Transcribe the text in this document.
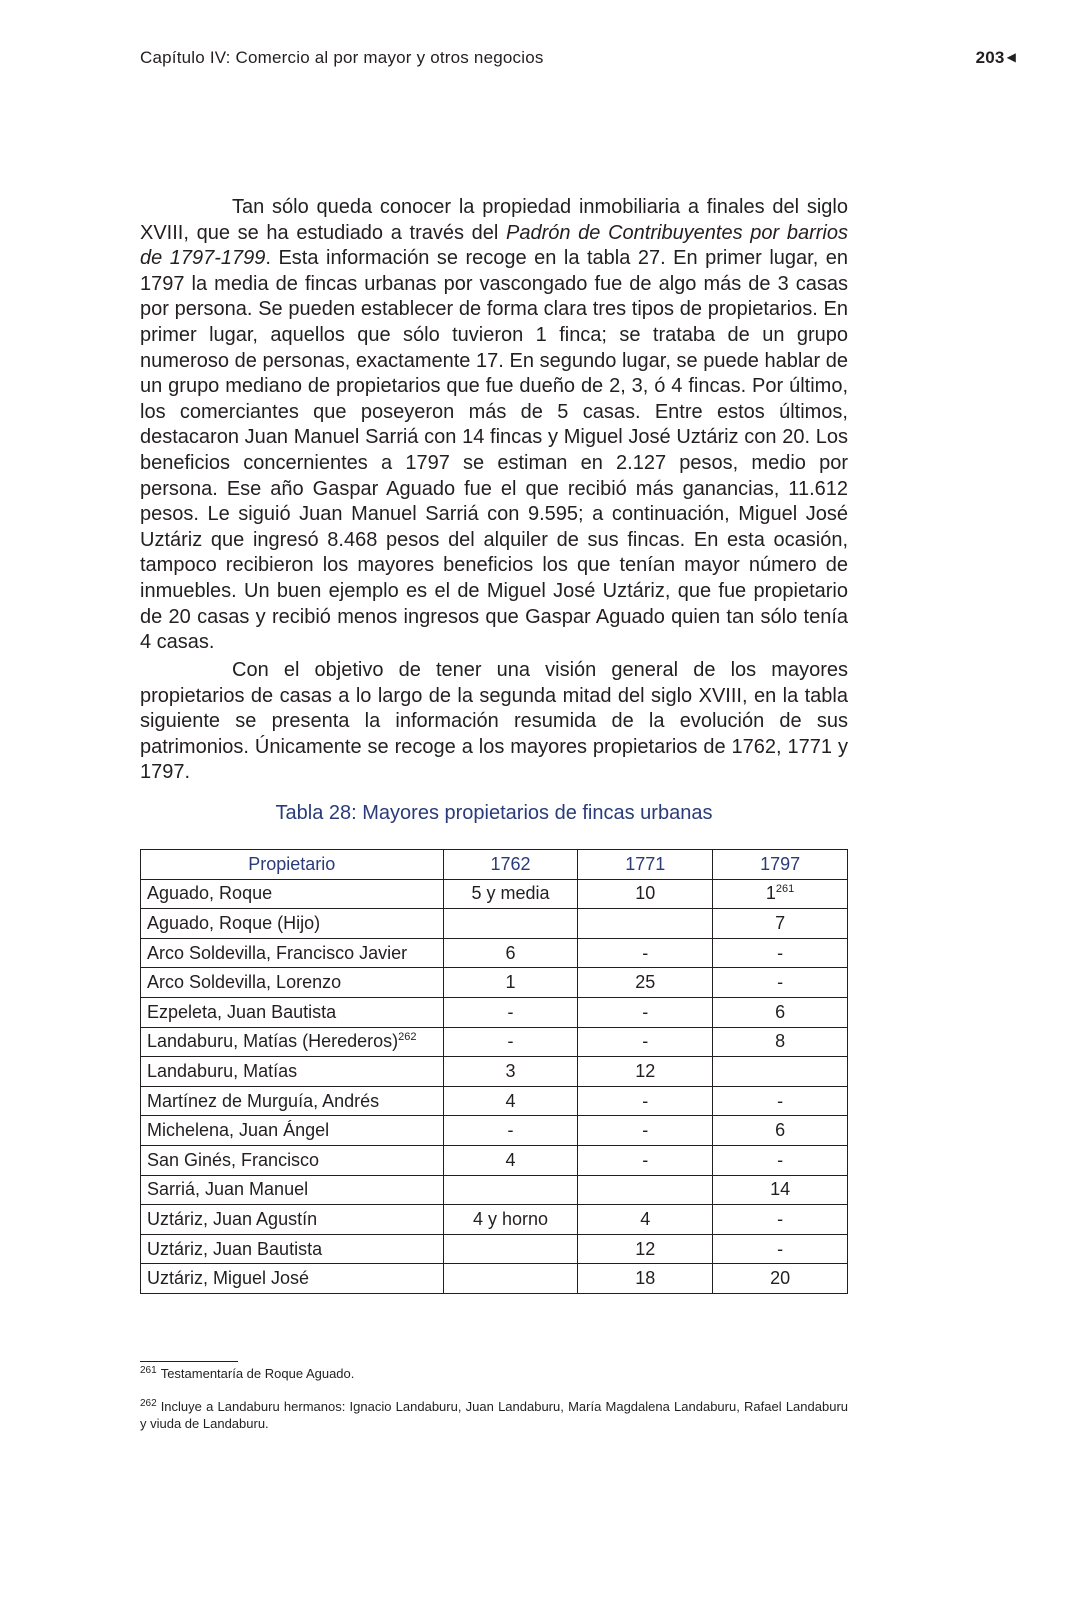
Capítulo IV: Comercio al por mayor y otros negocios	203 ◀

Tan sólo queda conocer la propiedad inmobiliaria a finales del siglo XVIII, que se ha estudiado a través del Padrón de Contribuyentes por barrios de 1797-1799. Esta información se recoge en la tabla 27. En primer lugar, en 1797 la media de fincas urbanas por vascongado fue de algo más de 3 casas por persona. Se pueden establecer de forma clara tres tipos de propietarios. En primer lugar, aquellos que sólo tuvieron 1 finca; se trataba de un grupo numeroso de personas, exactamente 17. En segundo lugar, se puede hablar de un grupo mediano de propietarios que fue dueño de 2, 3, ó 4 fincas. Por último, los comerciantes que poseyeron más de 5 casas. Entre estos últimos, destacaron Juan Manuel Sarriá con 14 fincas y Miguel José Uztáriz con 20. Los beneficios concernientes a 1797 se estiman en 2.127 pesos, medio por persona. Ese año Gaspar Aguado fue el que recibió más ganancias, 11.612 pesos. Le siguió Juan Manuel Sarriá con 9.595; a continuación, Miguel José Uztáriz que ingresó 8.468 pesos del alquiler de sus fincas. En esta ocasión, tampoco recibieron los mayores beneficios los que tenían mayor número de inmuebles. Un buen ejemplo es el de Miguel José Uztáriz, que fue propietario de 20 casas y recibió menos ingresos que Gaspar Aguado quien tan sólo tenía 4 casas.

Con el objetivo de tener una visión general de los mayores propietarios de casas a lo largo de la segunda mitad del siglo XVIII, en la tabla siguiente se presenta la información resumida de la evolución de sus patrimonios. Únicamente se recoge a los mayores propietarios de 1762, 1771 y 1797.

Tabla 28: Mayores propietarios de fincas urbanas
Propietario	1762	1771	1797
Aguado, Roque	5 y media	10	$1^{261}$
Aguado, Roque (Hijo)			7
Arco Soldevilla, Francisco Javier	6	-	-
Arco Soldevilla, Lorenzo	1	25	-
Ezpeleta, Juan Bautista	-	-	6
Landaburu, Matías (Herederos)$^{262}$	-	-	8
Landaburu, Matías	3	12	
Martínez de Murguía, Andrés	4	-	-
Michelena, Juan Ángel	-	-	6
San Ginés, Francisco	4	-	-
Sarriá, Juan Manuel			14
Uztáriz, Juan Agustín	4 y horno	4	-
Uztáriz, Juan Bautista		12	-
Uztáriz, Miguel José		18	20
$^{261}$ Testamentaría de Roque Aguado.
$^{262}$ Incluye a Landaburu hermanos: Ignacio Landaburu, Juan Landaburu, María Magdalena Landaburu, Rafael Landaburu y viuda de Landaburu.
